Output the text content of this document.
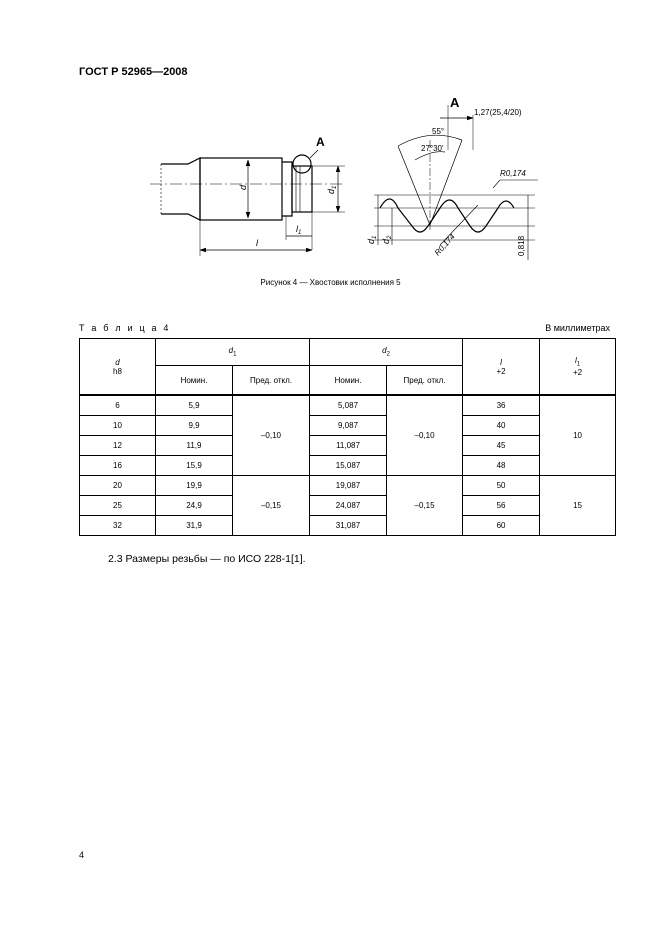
ГОСТ Р 52965—2008
A
A
1,27(25,4/20)
55°
27°30'
R0,174
R0,174	0,818
d
$d_1$
l
$l_1$
$d_1$
$d_2$
Рисунок 4 — Хвостовик исполнения 5
Т а б л и ц а 4	В миллиметрах
d
h8	$d_1$		$d_2$		l
+2	$l_1$
+2
	Номин.	Пред. откл.	Номин.	Пред. откл.		
6	5,9	–0,10	5,087	–0,10	36	10
10	9,9		9,087		40	
12	11,9		11,087		45	
16	15,9		15,087		48	
20	19,9	–0,15	19,087	–0,15	50	15
25	24,9		24,087		56	
32	31,9		31,087		60	
2.3 Размеры резьбы — по ИСО 228-1[1].
4
